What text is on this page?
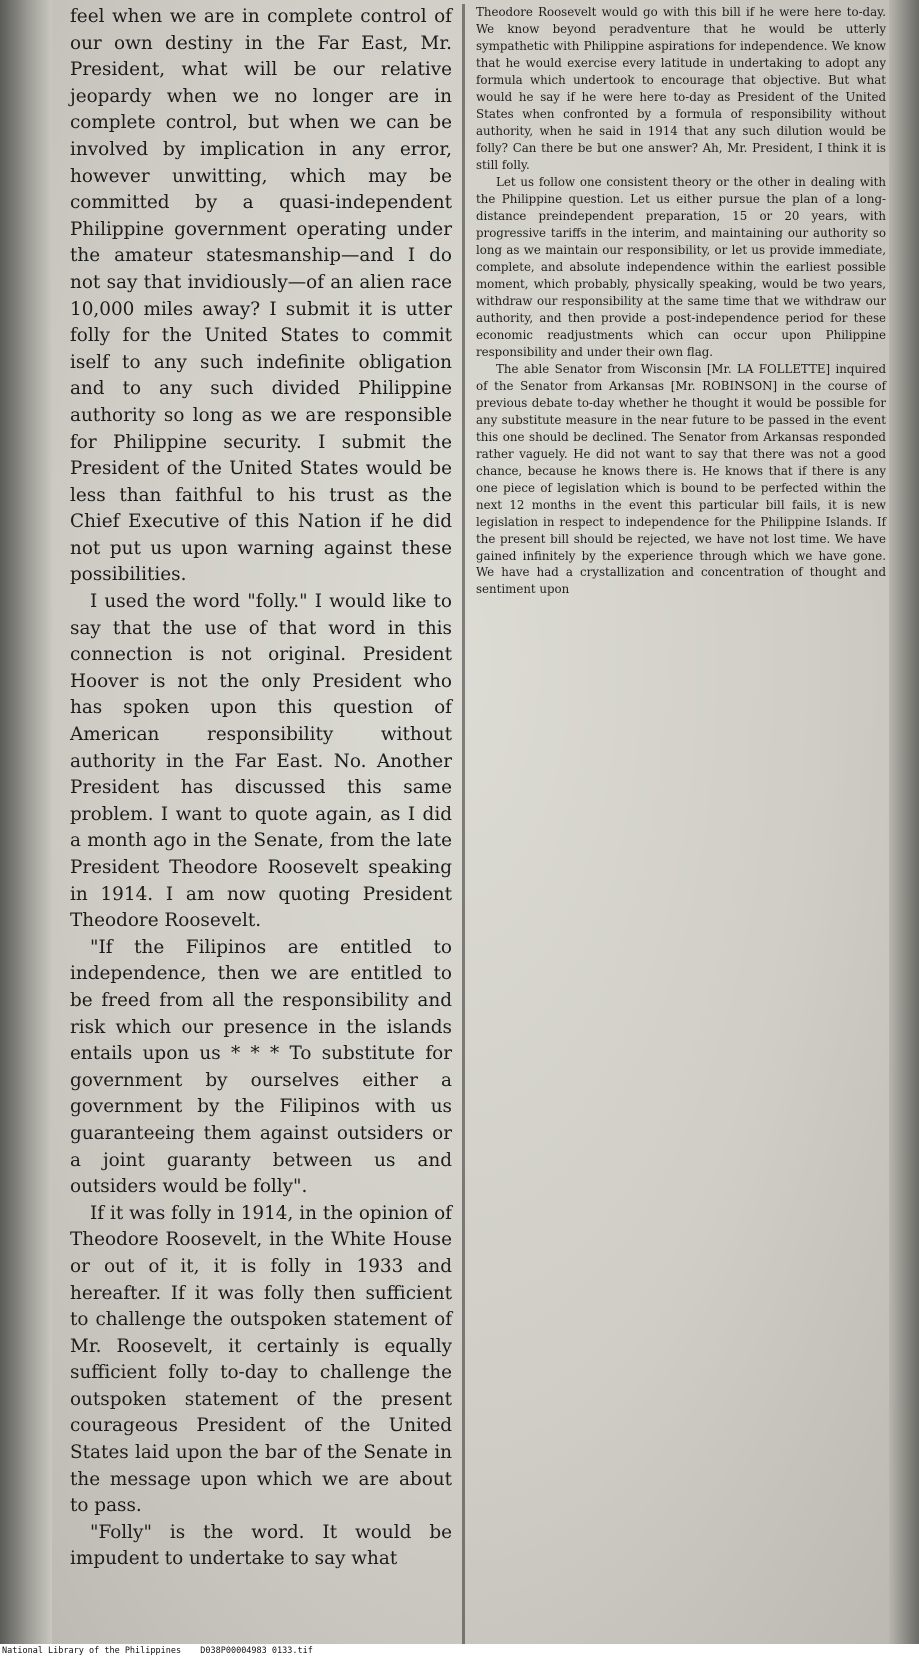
feel when we are in complete control of our own destiny in the Far East, Mr. President, what will be our relative jeopardy when we no longer are in complete control, but when we can be involved by implication in any error, however unwitting, which may be committed by a quasi-independent Philippine government operating under the amateur statesmanship—and I do not say that invidiously—of an alien race 10,000 miles away? I submit it is utter folly for the United States to commit iself to any such indefinite obligation and to any such divided Philippine authority so long as we are responsible for Philippine security. I submit the President of the United States would be less than faithful to his trust as the Chief Executive of this Nation if he did not put us upon warning against these possibilities.

I used the word "folly." I would like to say that the use of that word in this connection is not original. President Hoover is not the only President who has spoken upon this question of American responsibility without authority in the Far East. No. Another President has discussed this same problem. I want to quote again, as I did a month ago in the Senate, from the late President Theodore Roosevelt speaking in 1914. I am now quoting President Theodore Roosevelt.

"If the Filipinos are entitled to independence, then we are entitled to be freed from all the responsibility and risk which our presence in the islands entails upon us * * * To substitute for government by ourselves either a government by the Filipinos with us guaranteeing them against outsiders or a joint guaranty between us and outsiders would be folly".

If it was folly in 1914, in the opinion of Theodore Roosevelt, in the White House or out of it, it is folly in 1933 and hereafter. If it was folly then sufficient to challenge the outspoken statement of Mr. Roosevelt, it certainly is equally sufficient folly to-day to challenge the outspoken statement of the present courageous President of the United States laid upon the bar of the Senate in the message upon which we are about to pass.

"Folly" is the word. It would be impudent to undertake to say what

Theodore Roosevelt would go with this bill if he were here to-day. We know beyond peradventure that he would be utterly sympathetic with Philippine aspirations for independence. We know that he would exercise every latitude in undertaking to adopt any formula which undertook to encourage that objective. But what would he say if he were here to-day as President of the United States when confronted by a formula of responsibility without authority, when he said in 1914 that any such dilution would be folly? Can there be but one answer? Ah, Mr. President, I think it is still folly.

Let us follow one consistent theory or the other in dealing with the Philippine question. Let us either pursue the plan of a long-distance preindependent preparation, 15 or 20 years, with progressive tariffs in the interim, and maintaining our authority so long as we maintain our responsibility, or let us provide immediate, complete, and absolute independence within the earliest possible moment, which probably, physically speaking, would be two years, withdraw our responsibility at the same time that we withdraw our authority, and then provide a post-independence period for these economic readjustments which can occur upon Philippine responsibility and under their own flag.

The able Senator from Wisconsin [Mr. LA FOLLETTE] inquired of the Senator from Arkansas [Mr. ROBINSON] in the course of previous debate to-day whether he thought it would be possible for any substitute measure in the near future to be passed in the event this one should be declined. The Senator from Arkansas responded rather vaguely. He did not want to say that there was not a good chance, because he knows there is. He knows that if there is any one piece of legislation which is bound to be perfected within the next 12 months in the event this particular bill fails, it is new legislation in respect to independence for the Philippine Islands. If the present bill should be rejected, we have not lost time. We have gained infinitely by the experience through which we have gone. We have had a crystallization and concentration of thought and sentiment upon

National Library of the Philippines D038P00004983 0133.tif
